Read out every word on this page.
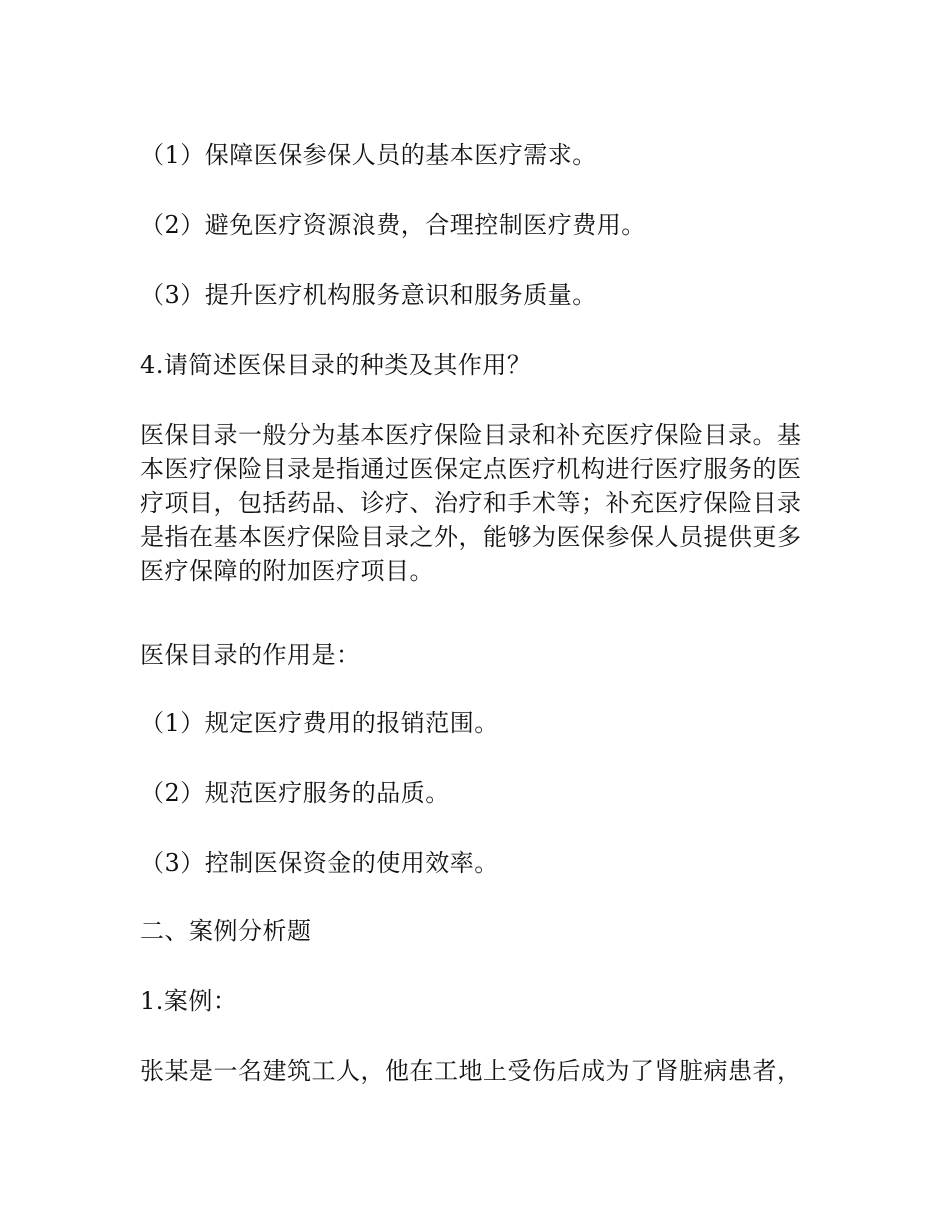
（1）保障医保参保人员的基本医疗需求。
（2）避免医疗资源浪费，合理控制医疗费用。
（3）提升医疗机构服务意识和服务质量。
4.请简述医保目录的种类及其作用？
医保目录一般分为基本医疗保险目录和补充医疗保险目录。基
本医疗保险目录是指通过医保定点医疗机构进行医疗服务的医
疗项目，包括药品、诊疗、治疗和手术等；补充医疗保险目录
是指在基本医疗保险目录之外，能够为医保参保人员提供更多
医疗保障的附加医疗项目。
医保目录的作用是：
（1）规定医疗费用的报销范围。
（2）规范医疗服务的品质。
（3）控制医保资金的使用效率。
二、案例分析题
1.案例：
张某是一名建筑工人，他在工地上受伤后成为了肾脏病患者，
